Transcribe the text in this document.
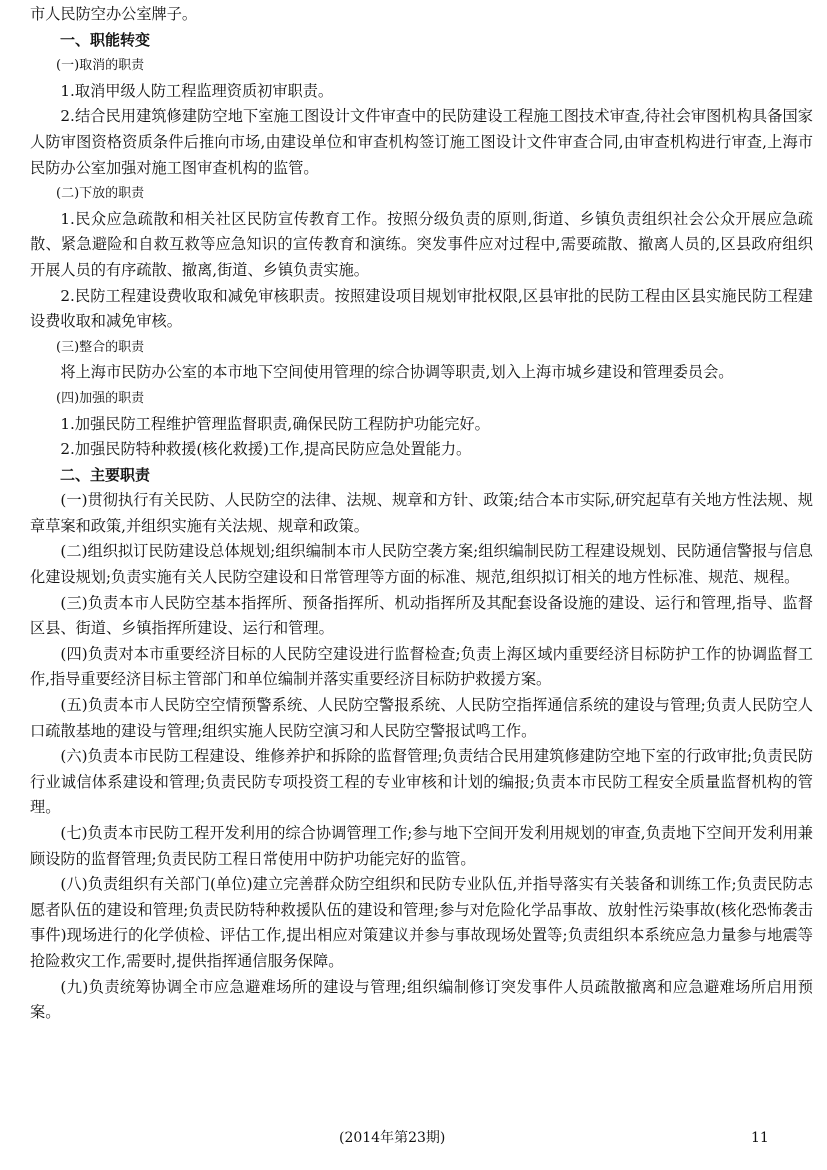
市人民防空办公室牌子。

一、职能转变

(一)取消的职责

1.取消甲级人防工程监理资质初审职责。

2.结合民用建筑修建防空地下室施工图设计文件审查中的民防建设工程施工图技术审查,待社会审图机构具备国家人防审图资格资质条件后推向市场,由建设单位和审查机构签订施工图设计文件审查合同,由审查机构进行审查,上海市民防办公室加强对施工图审查机构的监管。

(二)下放的职责

1.民众应急疏散和相关社区民防宣传教育工作。按照分级负责的原则,街道、乡镇负责组织社会公众开展应急疏散、紧急避险和自救互救等应急知识的宣传教育和演练。突发事件应对过程中,需要疏散、撤离人员的,区县政府组织开展人员的有序疏散、撤离,街道、乡镇负责实施。

2.民防工程建设费收取和减免审核职责。按照建设项目规划审批权限,区县审批的民防工程由区县实施民防工程建设费收取和减免审核。

(三)整合的职责

将上海市民防办公室的本市地下空间使用管理的综合协调等职责,划入上海市城乡建设和管理委员会。

(四)加强的职责

1.加强民防工程维护管理监督职责,确保民防工程防护功能完好。

2.加强民防特种救援(核化救援)工作,提高民防应急处置能力。

二、主要职责

(一)贯彻执行有关民防、人民防空的法律、法规、规章和方针、政策;结合本市实际,研究起草有关地方性法规、规章草案和政策,并组织实施有关法规、规章和政策。

(二)组织拟订民防建设总体规划;组织编制本市人民防空袭方案;组织编制民防工程建设规划、民防通信警报与信息化建设规划;负责实施有关人民防空建设和日常管理等方面的标准、规范,组织拟订相关的地方性标准、规范、规程。

(三)负责本市人民防空基本指挥所、预备指挥所、机动指挥所及其配套设备设施的建设、运行和管理,指导、监督区县、街道、乡镇指挥所建设、运行和管理。

(四)负责对本市重要经济目标的人民防空建设进行监督检查;负责上海区域内重要经济目标防护工作的协调监督工作,指导重要经济目标主管部门和单位编制并落实重要经济目标防护救援方案。

(五)负责本市人民防空空情预警系统、人民防空警报系统、人民防空指挥通信系统的建设与管理;负责人民防空人口疏散基地的建设与管理;组织实施人民防空演习和人民防空警报试鸣工作。

(六)负责本市民防工程建设、维修养护和拆除的监督管理;负责结合民用建筑修建防空地下室的行政审批;负责民防行业诚信体系建设和管理;负责民防专项投资工程的专业审核和计划的编报;负责本市民防工程安全质量监督机构的管理。

(七)负责本市民防工程开发利用的综合协调管理工作;参与地下空间开发利用规划的审查,负责地下空间开发利用兼顾设防的监督管理;负责民防工程日常使用中防护功能完好的监管。

(八)负责组织有关部门(单位)建立完善群众防空组织和民防专业队伍,并指导落实有关装备和训练工作;负责民防志愿者队伍的建设和管理;负责民防特种救援队伍的建设和管理;参与对危险化学品事故、放射性污染事故(核化恐怖袭击事件)现场进行的化学侦检、评估工作,提出相应对策建议并参与事故现场处置等;负责组织本系统应急力量参与地震等抢险救灾工作,需要时,提供指挥通信服务保障。

(九)负责统筹协调全市应急避难场所的建设与管理;组织编制修订突发事件人员疏散撤离和应急避难场所启用预案。

(2014年第23期)	11
